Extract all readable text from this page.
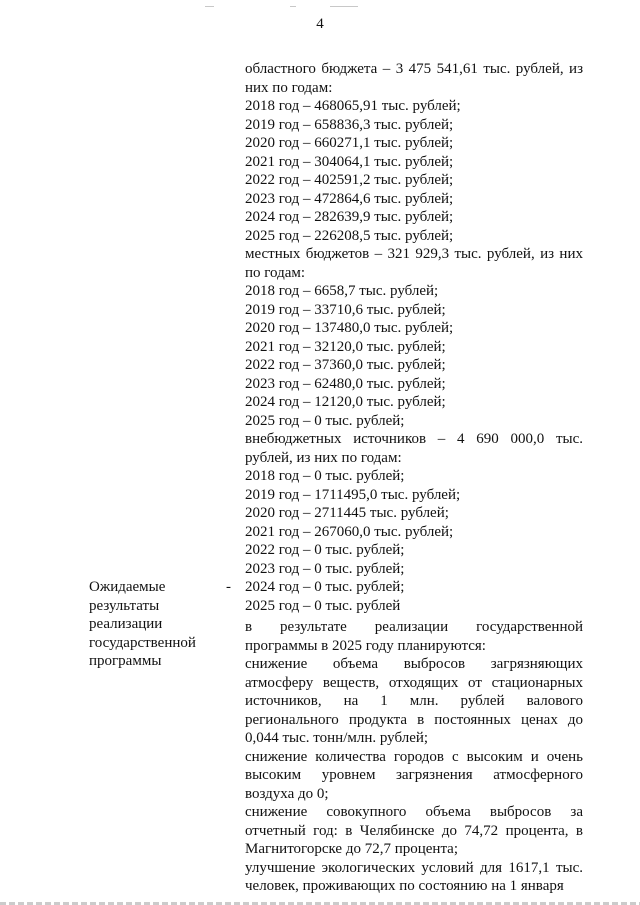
4
областного бюджета – 3 475 541,61 тыс. рублей, из
них по годам:
2018 год – 468065,91 тыс. рублей;
2019 год – 658836,3 тыс. рублей;
2020 год – 660271,1 тыс. рублей;
2021 год – 304064,1 тыс. рублей;
2022 год – 402591,2 тыс. рублей;
2023 год – 472864,6 тыс. рублей;
2024 год – 282639,9 тыс. рублей;
2025 год – 226208,5 тыс. рублей;
местных бюджетов – 321 929,3 тыс. рублей, из них
по годам:
2018 год – 6658,7 тыс. рублей;
2019 год – 33710,6 тыс. рублей;
2020 год – 137480,0 тыс. рублей;
2021 год – 32120,0 тыс. рублей;
2022 год – 37360,0 тыс. рублей;
2023 год – 62480,0 тыс. рублей;
2024 год – 12120,0 тыс. рублей;
2025 год – 0 тыс. рублей;
внебюджетных источников – 4 690 000,0 тыс.
рублей, из них по годам:
2018 год – 0 тыс. рублей;
2019 год – 1711495,0 тыс. рублей;
2020 год – 2711445 тыс. рублей;
2021 год – 267060,0 тыс. рублей;
2022 год – 0 тыс. рублей;
2023 год – 0 тыс. рублей;
2024 год – 0 тыс. рублей;
2025 год – 0 тыс. рублей
в результате реализации государственной программы в 2025 году планируются:
снижение объема выбросов загрязняющих атмосферу веществ, отходящих от стационарных источников, на 1 млн. рублей валового регионального продукта в постоянных ценах до 0,044 тыс. тонн/млн. рублей;
снижение количества городов с высоким и очень высоким уровнем загрязнения атмосферного воздуха до 0;
снижение совокупного объема выбросов за отчетный год: в Челябинске до 74,72 процента, в Магнитогорске до 72,7 процента;
улучшение экологических условий для 1617,1 тыс. человек, проживающих по состоянию на 1 января
Ожидаемые результаты реализации государственной программы
-
